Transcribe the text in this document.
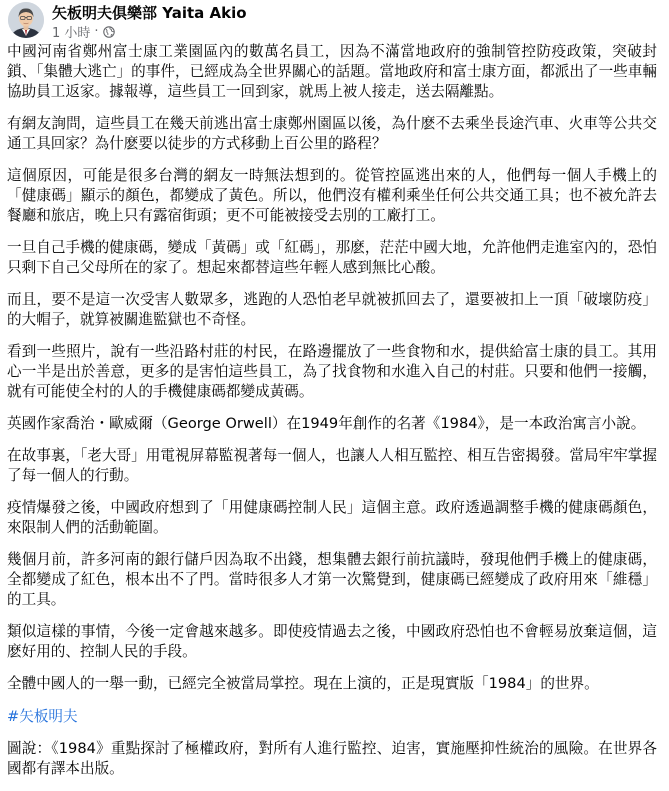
矢板明夫俱樂部 Yaita Akio
1 小時 ·

中國河南省鄭州富士康工業園區內的數萬名員工，因為不滿當地政府的強制管控防疫政策，突破封鎖、「集體大逃亡」的事件，已經成為全世界關心的話題。當地政府和富士康方面，都派出了一些車輛協助員工返家。據報導，這些員工一回到家，就馬上被人接走，送去隔離點。

有網友詢問，這些員工在幾天前逃出富士康鄭州園區以後，為什麽不去乘坐長途汽車、火車等公共交通工具回家？為什麽要以徒步的方式移動上百公里的路程？

這個原因，可能是很多台灣的網友一時無法想到的。從管控區逃出來的人，他們每一個人手機上的「健康碼」顯示的顏色，都變成了黃色。所以，他們沒有權利乘坐任何公共交通工具；也不被允許去餐廳和旅店，晚上只有露宿街頭；更不可能被接受去別的工廠打工。

一旦自己手機的健康碼，變成「黃碼」或「紅碼」，那麽，茫茫中國大地，允許他們走進室內的，恐怕只剩下自己父母所在的家了。想起來都替這些年輕人感到無比心酸。

而且，要不是這一次受害人數眾多，逃跑的人恐怕老早就被抓回去了，還要被扣上一頂「破壞防疫」的大帽子，就算被關進監獄也不奇怪。

看到一些照片，說有一些沿路村莊的村民，在路邊擺放了一些食物和水，提供給富士康的員工。其用心一半是出於善意，更多的是害怕這些員工，為了找食物和水進入自己的村莊。只要和他們一接觸，就有可能使全村的人的手機健康碼都變成黃碼。

英國作家喬治・歐威爾（George Orwell）在1949年創作的名著《1984》，是一本政治寓言小說。

在故事裏，「老大哥」用電視屏幕監視著每一個人，也讓人人相互監控、相互告密揭發。當局牢牢掌握了每一個人的行動。

疫情爆發之後，中國政府想到了「用健康碼控制人民」這個主意。政府透過調整手機的健康碼顏色，來限制人們的活動範圍。

幾個月前，許多河南的銀行儲戶因為取不出錢，想集體去銀行前抗議時，發現他們手機上的健康碼，全都變成了紅色，根本出不了門。當時很多人才第一次驚覺到，健康碼已經變成了政府用來「維穩」的工具。

類似這樣的事情，今後一定會越來越多。即使疫情過去之後，中國政府恐怕也不會輕易放棄這個，這麽好用的、控制人民的手段。

全體中國人的一舉一動，已經完全被當局掌控。現在上演的，正是現實版「1984」的世界。

#矢板明夫

圖說：《1984》重點探討了極權政府，對所有人進行監控、迫害，實施壓抑性統治的風險。在世界各國都有譯本出版。
